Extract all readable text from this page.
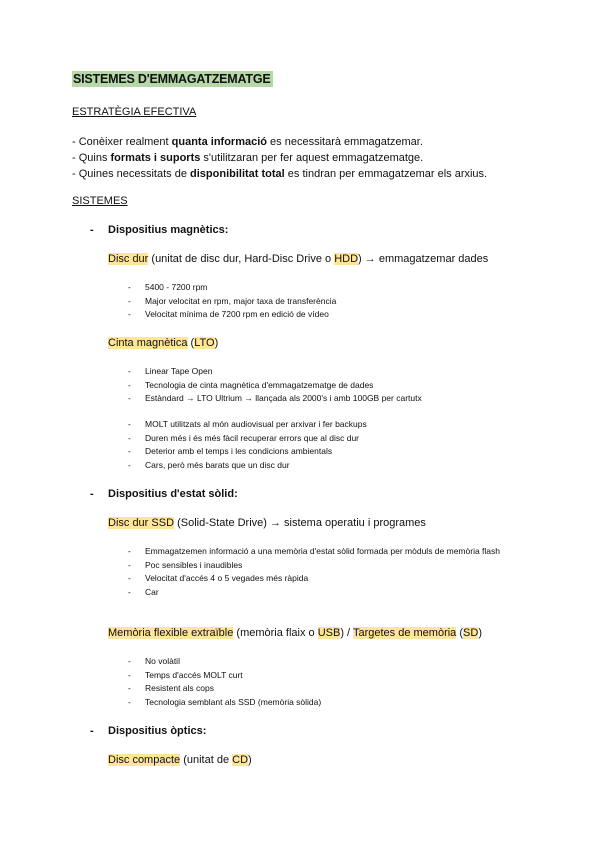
SISTEMES D'EMMAGATZEMATGE
ESTRATÈGIA EFECTIVA
- Conèixer realment quanta informació es necessitarà emmagatzemar.
- Quins formats i suports s'utilitzaran per fer aquest emmagatzematge.
- Quines necessitats de disponibilitat total es tindran per emmagatzemar els arxius.
SISTEMES
- Dispositius magnètics:
Disc dur (unitat de disc dur, Hard-Disc Drive o HDD) → emmagatzemar dades
- 5400 - 7200 rpm
- Major velocitat en rpm, major taxa de transferència
- Velocitat mínima de 7200 rpm en edició de vídeo
Cinta magnètica (LTO)
- Linear Tape Open
- Tecnologia de cinta magnètica d'emmagatzematge de dades
- Estàndard → LTO Ultrium → llançada als 2000's i amb 100GB per cartutx
- MOLT utilitzats al món audiovisual per arxivar i fer backups
- Duren més i és més fàcil recuperar errors que al disc dur
- Deterior amb el temps i les condicions ambientals
- Cars, però més barats que un disc dur
- Dispositius d'estat sòlid:
Disc dur SSD (Solid-State Drive) → sistema operatiu i programes
- Emmagatzemen informació a una memòria d'estat sòlid formada per mòduls de memòria flash
- Poc sensibles i inaudibles
- Velocitat d'accés 4 o 5 vegades més ràpida
- Car
Memòria flexible extraïble (memòria flaix o USB) / Targetes de memòria (SD)
- No volàtil
- Temps d'accés MOLT curt
- Resistent als cops
- Tecnologia semblant als SSD (memòria sòlida)
- Dispositius òptics:
Disc compacte (unitat de CD)
